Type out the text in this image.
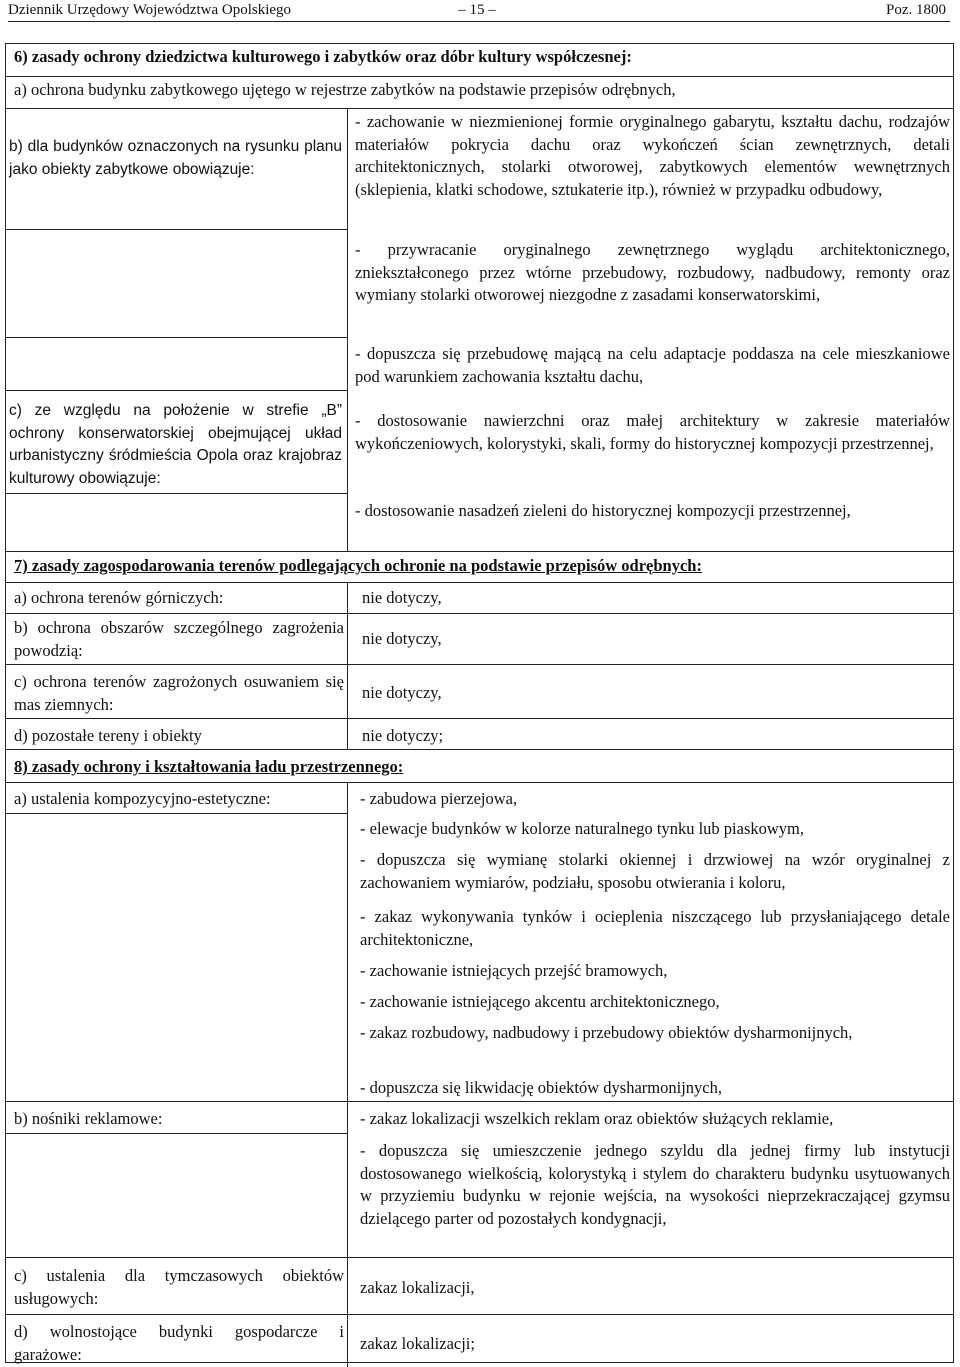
Dziennik Urzędowy Województwa Opolskiego	– 15 –	Poz. 1800
6) zasady ochrony dziedzictwa kulturowego i zabytków oraz dóbr kultury współczesnej:
a) ochrona budynku zabytkowego ujętego w rejestrze zabytków na podstawie przepisów odrębnych,
b) dla budynków oznaczonych na rysunku planu jako obiekty zabytkowe obowiązuje:
- zachowanie w niezmienionej formie oryginalnego gabarytu, kształtu dachu, rodzajów materiałów pokrycia dachu oraz wykończeń ścian zewnętrznych, detali architektonicznych, stolarki otworowej, zabytkowych elementów wewnętrznych (sklepienia, klatki schodowe, sztukaterie itp.), również w przypadku odbudowy,
- przywracanie oryginalnego zewnętrznego wyglądu architektonicznego, zniekształconego przez wtórne przebudowy, rozbudowy, nadbudowy, remonty oraz wymiany stolarki otworowej niezgodne z zasadami konserwatorskimi,
- dopuszcza się przebudowę mającą na celu adaptacje poddasza na cele mieszkaniowe pod warunkiem zachowania kształtu dachu,
c) ze względu na położenie w strefie „B” ochrony konserwatorskiej obejmującej układ urbanistyczny śródmieścia Opola oraz krajobraz kulturowy obowiązuje:
- dostosowanie nawierzchni oraz małej architektury w zakresie materiałów wykończeniowych, kolorystyki, skali, formy do historycznej kompozycji przestrzennej,
- dostosowanie nasadzeń zieleni do historycznej kompozycji przestrzennej,
7) zasady zagospodarowania terenów podlegających ochronie na podstawie przepisów odrębnych:
a) ochrona terenów górniczych:	nie dotyczy,
b) ochrona obszarów szczególnego zagrożenia powodzią:
nie dotyczy,
c) ochrona terenów zagrożonych osuwaniem się mas ziemnych:
nie dotyczy,
d) pozostałe tereny i obiekty	nie dotyczy;
8) zasady ochrony i kształtowania ładu przestrzennego:
a) ustalenia kompozycyjno-estetyczne:	- zabudowa pierzejowa,
- elewacje budynków w kolorze naturalnego tynku lub piaskowym,
- dopuszcza się wymianę stolarki okiennej i drzwiowej na wzór oryginalnej z zachowaniem wymiarów, podziału, sposobu otwierania i koloru,
- zakaz wykonywania tynków i ocieplenia niszczącego lub przysłaniającego detale architektoniczne,
- zachowanie istniejących przejść bramowych,
- zachowanie istniejącego akcentu architektonicznego,
- zakaz rozbudowy, nadbudowy i przebudowy obiektów dysharmonijnych,
- dopuszcza się likwidację obiektów dysharmonijnych,
b) nośniki reklamowe:	- zakaz lokalizacji wszelkich reklam oraz obiektów służących reklamie,
- dopuszcza się umieszczenie jednego szyldu dla jednej firmy lub instytucji dostosowanego wielkością, kolorystyką i stylem do charakteru budynku usytuowanych w przyziemiu budynku w rejonie wejścia, na wysokości nieprzekraczającej gzymsu dzielącego parter od pozostałych kondygnacji,
c) ustalenia dla tymczasowych obiektów usługowych:
zakaz lokalizacji,
d) wolnostojące budynki gospodarcze i garażowe:
zakaz lokalizacji;
